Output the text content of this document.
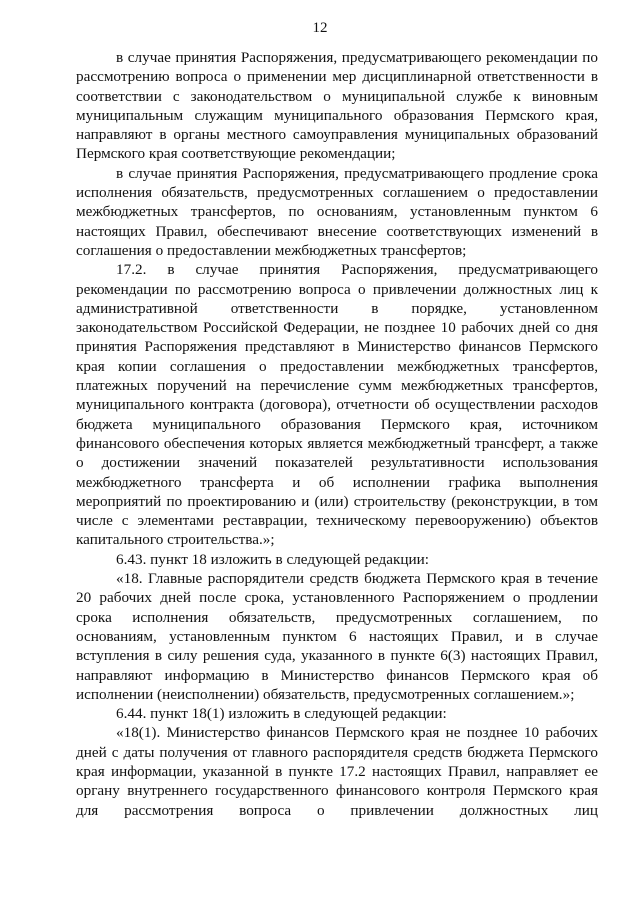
12

в случае принятия Распоряжения, предусматривающего рекомендации по рассмотрению вопроса о применении мер дисциплинарной ответственности в соответствии с законодательством о муниципальной службе к виновным муниципальным служащим муниципального образования Пермского края, направляют в органы местного самоуправления муниципальных образований Пермского края соответствующие рекомендации;

в случае принятия Распоряжения, предусматривающего продление срока исполнения обязательств, предусмотренных соглашением о предоставлении межбюджетных трансфертов, по основаниям, установленным пунктом 6 настоящих Правил, обеспечивают внесение соответствующих изменений в соглашения о предоставлении межбюджетных трансфертов;

17.2. в случае принятия Распоряжения, предусматривающего рекомендации по рассмотрению вопроса о привлечении должностных лиц к административной ответственности в порядке, установленном законодательством Российской Федерации, не позднее 10 рабочих дней со дня принятия Распоряжения представляют в Министерство финансов Пермского края копии соглашения о предоставлении межбюджетных трансфертов, платежных поручений на перечисление сумм межбюджетных трансфертов, муниципального контракта (договора), отчетности об осуществлении расходов бюджета муниципального образования Пермского края, источником финансового обеспечения которых является межбюджетный трансферт, а также о достижении значений показателей результативности использования межбюджетного трансферта и об исполнении графика выполнения мероприятий по проектированию и (или) строительству (реконструкции, в том числе с элементами реставрации, техническому перевооружению) объектов капитального строительства.»;

6.43. пункт 18 изложить в следующей редакции:

«18. Главные распорядители средств бюджета Пермского края в течение 20 рабочих дней после срока, установленного Распоряжением о продлении срока исполнения обязательств, предусмотренных соглашением, по основаниям, установленным пунктом 6 настоящих Правил, и в случае вступления в силу решения суда, указанного в пункте 6(3) настоящих Правил, направляют информацию в Министерство финансов Пермского края об исполнении (неисполнении) обязательств, предусмотренных соглашением.»;

6.44. пункт 18(1) изложить в следующей редакции:

«18(1). Министерство финансов Пермского края не позднее 10 рабочих дней с даты получения от главного распорядителя средств бюджета Пермского края информации, указанной в пункте 17.2 настоящих Правил, направляет ее органу внутреннего государственного финансового контроля Пермского края для рассмотрения вопроса о привлечении должностных лиц
